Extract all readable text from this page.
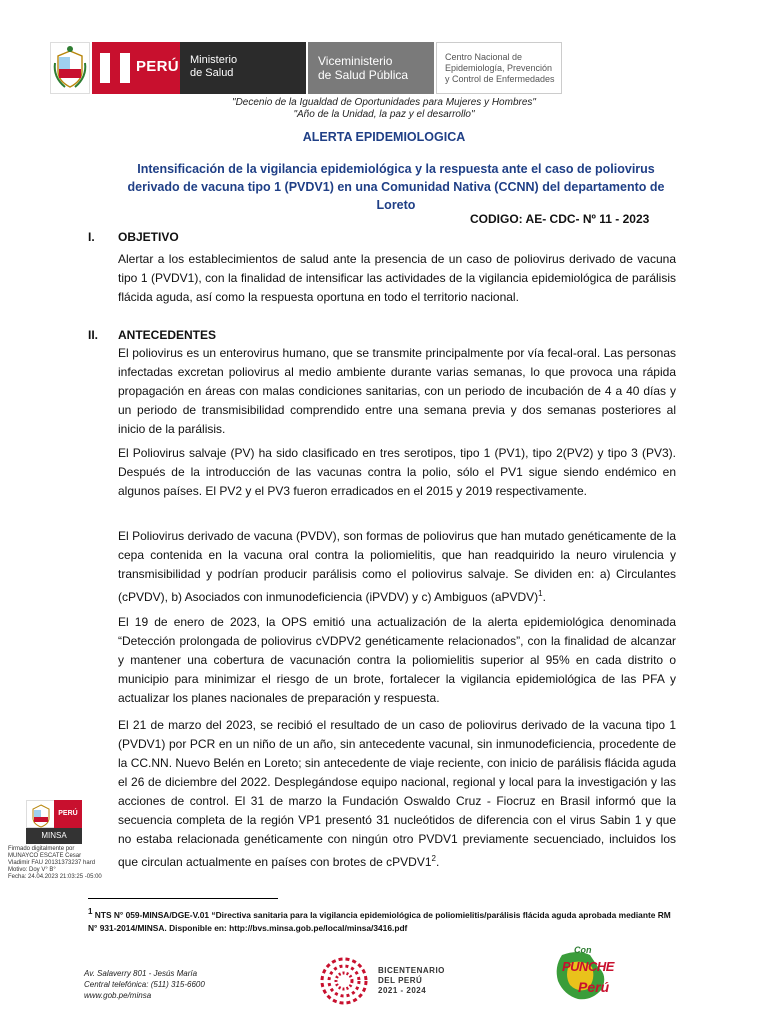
PERÚ Ministerio
de Salud
Viceministerio
de Salud Pública
Centro Nacional de
Epidemiología, Prevención
y Control de Enfermedades
"Decenio de la Igualdad de Oportunidades para Mujeres y Hombres"
"Año de la Unidad, la paz y el desarrollo"
ALERTA EPIDEMIOLOGICA
Intensificación de la vigilancia epidemiológica y la respuesta ante el caso de poliovirus derivado de vacuna tipo 1 (PVDV1) en una Comunidad Nativa (CCNN) del departamento de Loreto
CODIGO: AE- CDC- Nº 11 - 2023
I. OBJETIVO
Alertar a los establecimientos de salud ante la presencia de un caso de poliovirus derivado de vacuna tipo 1 (PVDV1), con la finalidad de intensificar las actividades de la vigilancia epidemiológica de parálisis flácida aguda, así como la respuesta oportuna en todo el territorio nacional.
II. ANTECEDENTES
El poliovirus es un enterovirus humano, que se transmite principalmente por vía fecal-oral. Las personas infectadas excretan poliovirus al medio ambiente durante varias semanas, lo que provoca una rápida propagación en áreas con malas condiciones sanitarias, con un periodo de incubación de 4 a 40 días y un periodo de transmisibilidad comprendido entre una semana previa y dos semanas posteriores al inicio de la parálisis.
El Poliovirus salvaje (PV) ha sido clasificado en tres serotipos, tipo 1 (PV1), tipo 2(PV2) y tipo 3 (PV3). Después de la introducción de las vacunas contra la polio, sólo el PV1 sigue siendo endémico en algunos países. El PV2 y el PV3 fueron erradicados en el 2015 y 2019 respectivamente.
El Poliovirus derivado de vacuna (PVDV), son formas de poliovirus que han mutado genéticamente de la cepa contenida en la vacuna oral contra la poliomielitis, que han readquirido la neuro virulencia y transmisibilidad y podrían producir parálisis como el poliovirus salvaje. Se dividen en: a) Circulantes (cPVDV), b) Asociados con inmunodeficiencia (iPVDV) y c) Ambiguos (aPVDV)$^1$.
El 19 de enero de 2023, la OPS emitió una actualización de la alerta epidemiológica denominada “Detección prolongada de poliovirus cVDPV2 genéticamente relacionados”, con la finalidad de alcanzar y mantener una cobertura de vacunación contra la poliomielitis superior al 95% en cada distrito o municipio para minimizar el riesgo de un brote, fortalecer la vigilancia epidemiológica de las PFA y actualizar los planes nacionales de preparación y respuesta.
El 21 de marzo del 2023, se recibió el resultado de un caso de poliovirus derivado de la vacuna tipo 1 (PVDV1) por PCR en un niño de un año, sin antecedente vacunal, sin inmunodeficiencia, procedente de la CC.NN. Nuevo Belén en Loreto; sin antecedente de viaje reciente, con inicio de parálisis flácida aguda el 26 de diciembre del 2022. Desplegándose equipo nacional, regional y local para la investigación y las acciones de control. El 31 de marzo la Fundación Oswaldo Cruz - Fiocruz en Brasil informó que la secuencia completa de la región VP1 presentó 31 nucleótidos de diferencia con el virus Sabin 1 y que no estaba relacionada genéticamente con ningún otro PVDV1 previamente secuenciado, incluidos los que circulan actualmente en países con brotes de $cPVDV1^2$.
PERÚ
MINSA
Firmado digitalmente por
MUNAYCO ESCATE Cesar
Vladimir FAU 20131373237 hard
Motivo: Doy V° B°
Fecha: 24.04.2023 21:03:25 -05:00
$^1$ NTS N° 059-MINSA/DGE-V.01 “Directiva sanitaria para la vigilancia epidemiológica de poliomielitis/parálisis flácida aguda aprobada mediante RM N° 931-2014/MINSA. Disponible en: http://bvs.minsa.gob.pe/local/minsa/3416.pdf
Av. Salaverry 801 - Jesús María
Central telefónica: (511) 315-6600
www.gob.pe/minsa
BICENTENARIO
DEL PERÚ
2021 - 2024
Con
PUNCHE
Perú
